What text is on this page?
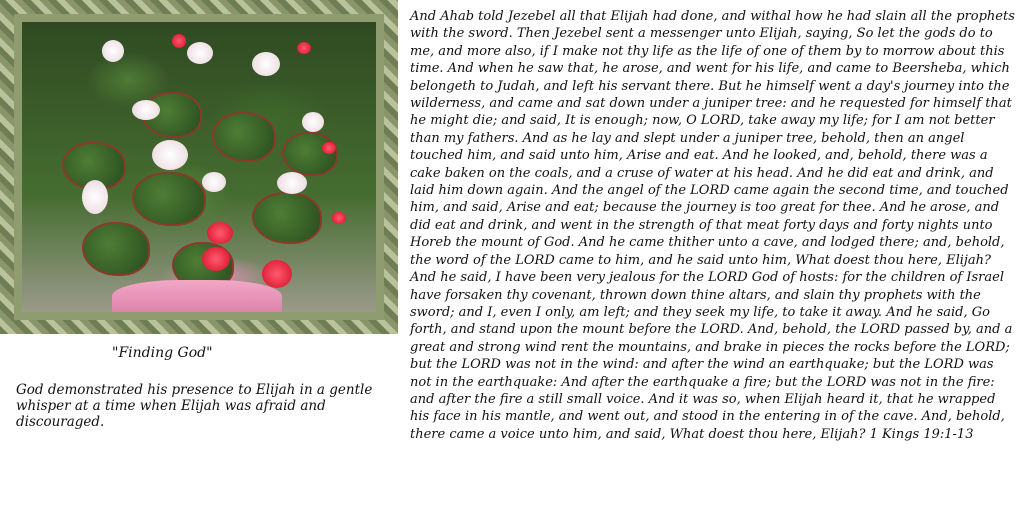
"Finding God"
God demonstrated his presence to Elijah in a gentle whisper at a time when Elijah was afraid and discouraged.
And Ahab told Jezebel all that Elijah had done, and withal how he had slain all the prophets with the sword. Then Jezebel sent a messenger unto Elijah, saying, So let the gods do to me, and more also, if I make not thy life as the life of one of them by to morrow about this time. And when he saw that, he arose, and went for his life, and came to Beersheba, which belongeth to Judah, and left his servant there. But he himself went a day's journey into the wilderness, and came and sat down under a juniper tree: and he requested for himself that he might die; and said, It is enough; now, O LORD, take away my life; for I am not better than my fathers. And as he lay and slept under a juniper tree, behold, then an angel touched him, and said unto him, Arise and eat. And he looked, and, behold, there was a cake baken on the coals, and a cruse of water at his head. And he did eat and drink, and laid him down again. And the angel of the LORD came again the second time, and touched him, and said, Arise and eat; because the journey is too great for thee. And he arose, and did eat and drink, and went in the strength of that meat forty days and forty nights unto Horeb the mount of God. And he came thither unto a cave, and lodged there; and, behold, the word of the LORD came to him, and he said unto him, What doest thou here, Elijah? And he said, I have been very jealous for the LORD God of hosts: for the children of Israel have forsaken thy covenant, thrown down thine altars, and slain thy prophets with the sword; and I, even I only, am left; and they seek my life, to take it away. And he said, Go forth, and stand upon the mount before the LORD. And, behold, the LORD passed by, and a great and strong wind rent the mountains, and brake in pieces the rocks before the LORD; but the LORD was not in the wind: and after the wind an earthquake; but the LORD was not in the earthquake: And after the earthquake a fire; but the LORD was not in the fire: and after the fire a still small voice. And it was so, when Elijah heard it, that he wrapped his face in his mantle, and went out, and stood in the entering in of the cave. And, behold, there came a voice unto him, and said, What doest thou here, Elijah? 1 Kings 19:1-13
